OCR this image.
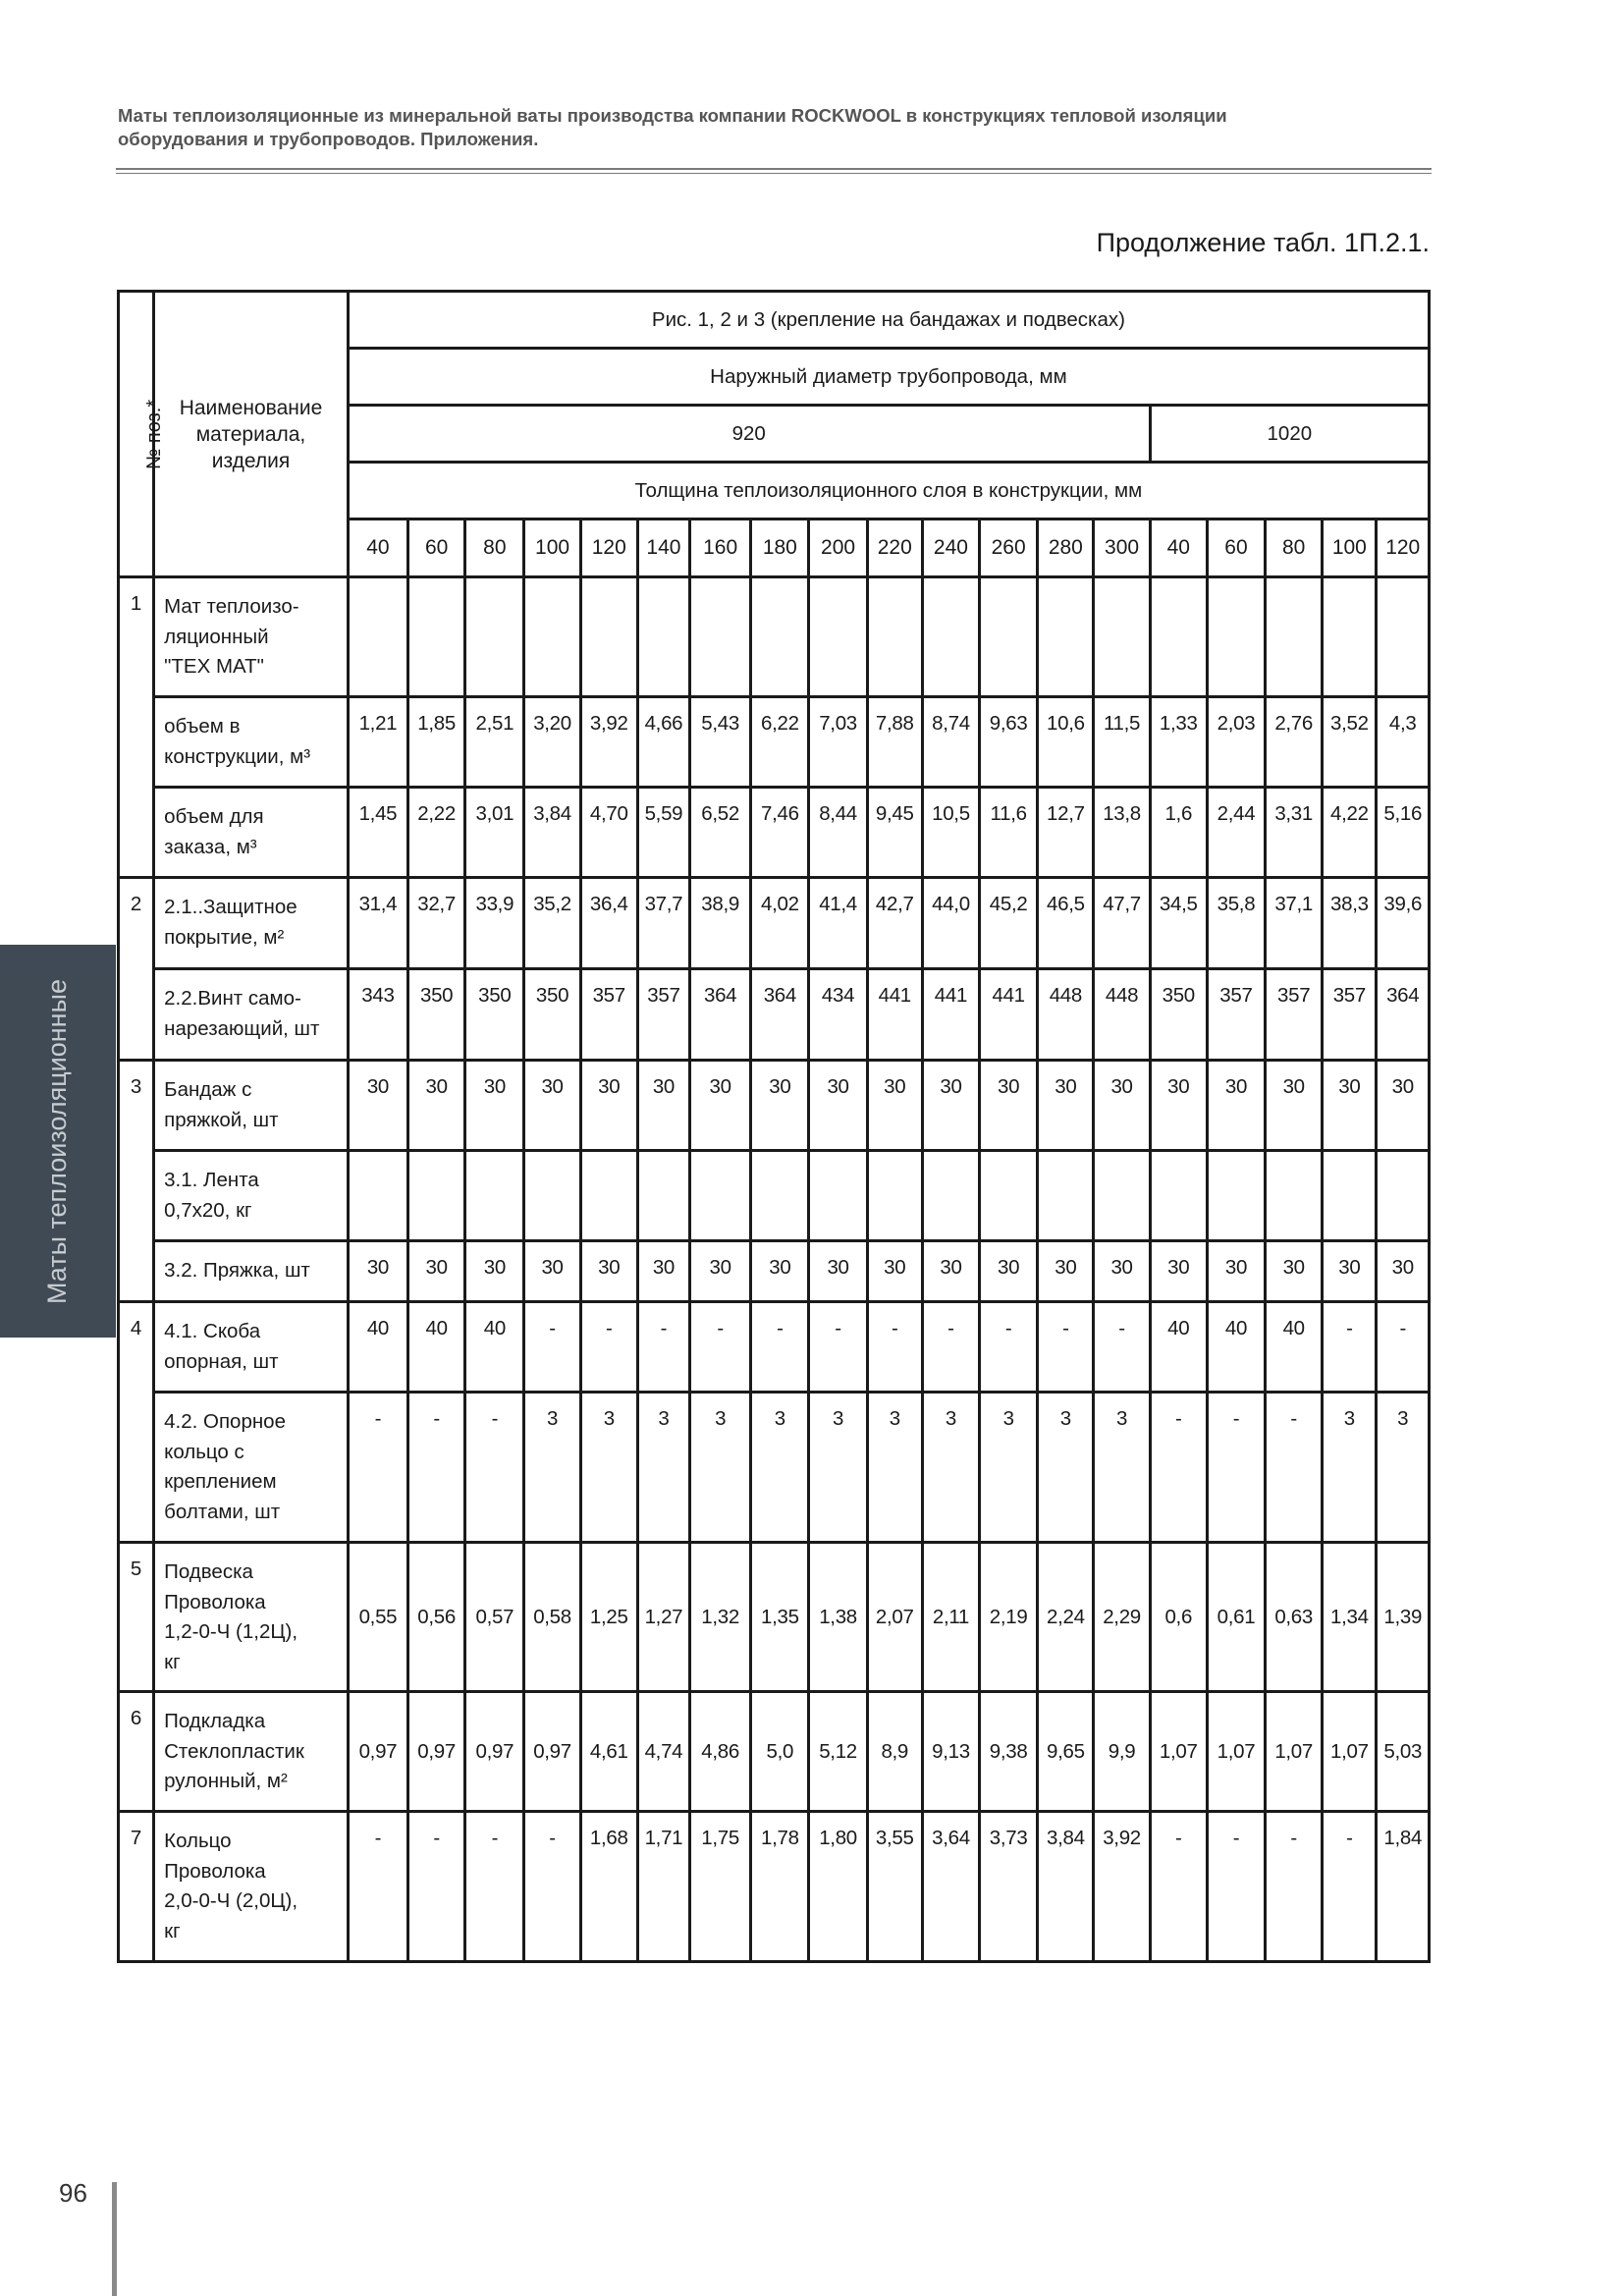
Маты теплоизоляционные из минеральной ваты производства компании ROCKWOOL в конструкциях тепловой изоляции
оборудования и трубопроводов. Приложения.
Продолжение табл. 1П.2.1.
Маты теплоизоляционные
№ поз.*	Наименование материала, изделия	Рис. 1, 2 и 3 (крепление на бандажах и подвесках)																		
		Наружный диаметр трубопровода, мм																		
		920														1020				
		Толщина теплоизоляционного слоя в конструкции, мм																		
		40	60	80	100	120	140	160	180	200	220	240	260	280	300	40	60	80	100	120
1	Мат теплоизо-
ляционный
"ТЕХ МАТ"																			
	объем в
конструкции, м³	1,21	1,85	2,51	3,20	3,92	4,66	5,43	6,22	7,03	7,88	8,74	9,63	10,6	11,5	1,33	2,03	2,76	3,52	4,3
	объем для
заказа, м³	1,45	2,22	3,01	3,84	4,70	5,59	6,52	7,46	8,44	9,45	10,5	11,6	12,7	13,8	1,6	2,44	3,31	4,22	5,16
2	2.1..Защитное
покрытие, м²	31,4	32,7	33,9	35,2	36,4	37,7	38,9	4,02	41,4	42,7	44,0	45,2	46,5	47,7	34,5	35,8	37,1	38,3	39,6
	2.2.Винт само-
нарезающий, шт	343	350	350	350	357	357	364	364	434	441	441	441	448	448	350	357	357	357	364
3	Бандаж с
пряжкой, шт	30	30	30	30	30	30	30	30	30	30	30	30	30	30	30	30	30	30	30
	3.1. Лента
0,7х20, кг																			
	3.2. Пряжка, шт	30	30	30	30	30	30	30	30	30	30	30	30	30	30	30	30	30	30	30
4	4.1. Скоба
опорная, шт	40	40	40	-	-	-	-	-	-	-	-	-	-	-	40	40	40	-	-
	4.2. Опорное
кольцо с
креплением
болтами, шт	-	-	-	3	3	3	3	3	3	3	3	3	3	3	-	-	-	3	3
5	Подвеска
Проволока
1,2-0-Ч (1,2Ц),
кг	0,55	0,56	0,57	0,58	1,25	1,27	1,32	1,35	1,38	2,07	2,11	2,19	2,24	2,29	0,6	0,61	0,63	1,34	1,39
6	Подкладка
Стеклопластик
рулонный, м²	0,97	0,97	0,97	0,97	4,61	4,74	4,86	5,0	5,12	8,9	9,13	9,38	9,65	9,9	1,07	1,07	1,07	1,07	5,03
7	Кольцо
Проволока
2,0-0-Ч (2,0Ц),
кг	-	-	-	-	1,68	1,71	1,75	1,78	1,80	3,55	3,64	3,73	3,84	3,92	-	-	-	-	1,84
96
